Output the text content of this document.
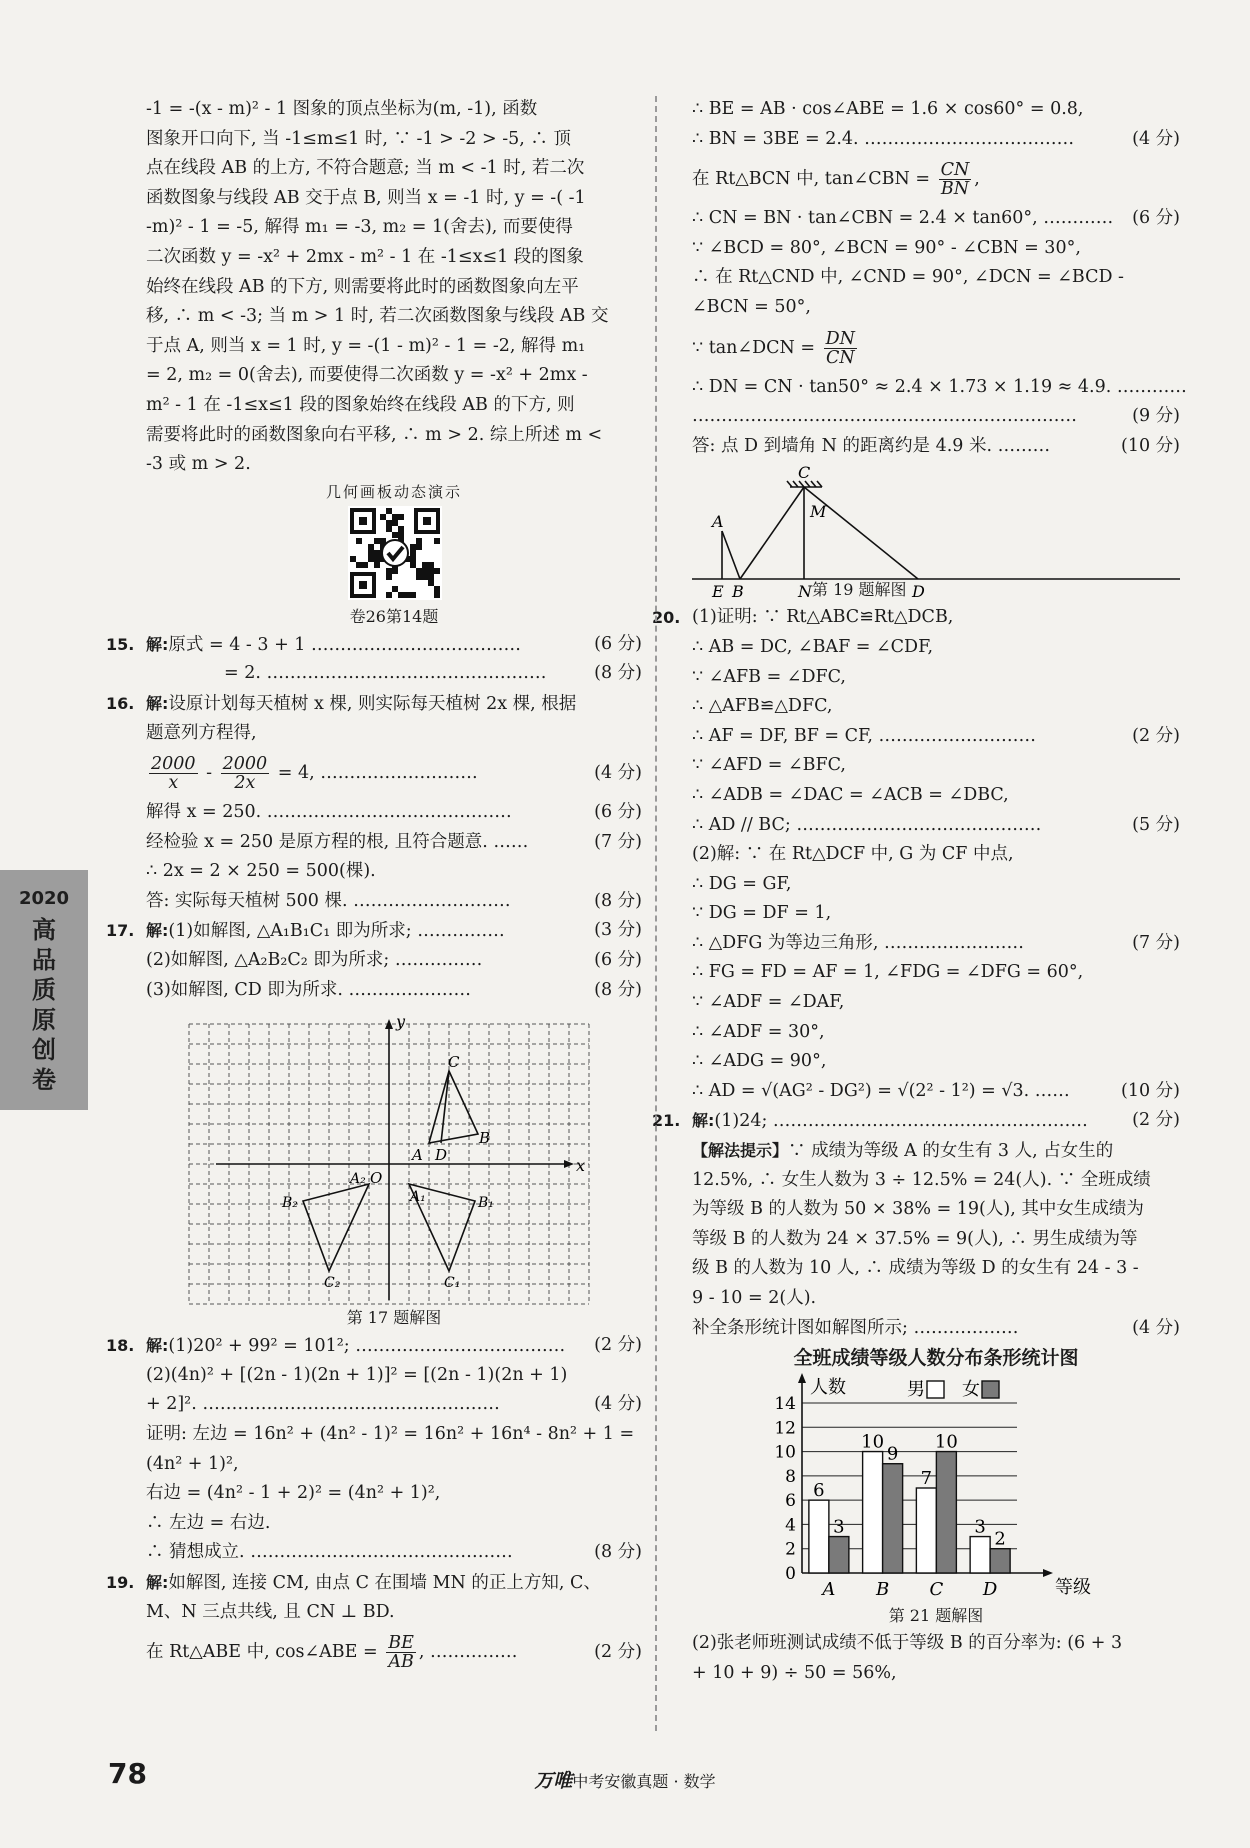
-1 = -(x - m)² - 1 图象的顶点坐标为(m, -1), 函数
图象开口向下, 当 -1≤m≤1 时, ∵ -1 > -2 > -5, ∴ 顶
点在线段 AB 的上方, 不符合题意; 当 m < -1 时, 若二次
函数图象与线段 AB 交于点 B, 则当 x = -1 时, y = -( -1
-m)² - 1 = -5, 解得 m₁ = -3, m₂ = 1(舍去), 而要使得
二次函数 y = -x² + 2mx - m² - 1 在 -1≤x≤1 段的图象
始终在线段 AB 的下方, 则需要将此时的函数图象向左平
移, ∴ m < -3; 当 m > 1 时, 若二次函数图象与线段 AB 交
于点 A, 则当 x = 1 时, y = -(1 - m)² - 1 = -2, 解得 m₁
= 2, m₂ = 0(舍去), 而要使得二次函数 y = -x² + 2mx -
m² - 1 在 -1≤x≤1 段的图象始终在线段 AB 的下方, 则
需要将此时的函数图象向右平移, ∴ m > 2. 综上所述 m <
-3 或 m > 2.
几何画板动态演示
卷26第14题
15. 解:原式 = 4 - 3 + 1 ………………………………	(6 分)
= 2. …………………………………………	(8 分)
16. 解:设原计划每天植树 x 棵, 则实际每天植树 2x 棵, 根据
题意列方程得,
$\frac{2000}{x} - \frac{2000}{2x} = 4$, ………………………	(4 分)
解得 x = 250. ……………………………………	(6 分)
经检验 x = 250 是原方程的根, 且符合题意. ……	(7 分)
∴ 2x = 2 × 250 = 500(棵).
答: 实际每天植树 500 棵. ………………………	(8 分)
17. 解:(1)如解图, △A₁B₁C₁ 即为所求; ……………	(3 分)
(2)如解图, △A₂B₂C₂ 即为所求; ……………	(6 分)
(3)如解图, CD 即为所求. …………………	(8 分)
x
y
O
C
A D
B
A₂
B₂
C₂
A₁	B₁
C₁
第 17 题解图
18. 解:(1)20² + 99² = 101²; ……………………………… (2 分)
(2)(4n)² + [(2n - 1)(2n + 1)]² = [(2n - 1)(2n + 1)
+ 2]². ……………………………………………	(4 分)
证明: 左边 = 16n² + (4n² - 1)² = 16n² + 16n⁴ - 8n² + 1 =
(4n² + 1)²,
右边 = (4n² - 1 + 2)² = (4n² + 1)²,
∴ 左边 = 右边.
∴ 猜想成立. ………………………………………	(8 分)
19. 解:如解图, 连接 CM, 由点 C 在围墙 MN 的正上方知, C、
M、N 三点共线, 且 CN ⊥ BD.
在 Rt△ABE 中, cos∠ABE = $\frac{BE}{AB}$ , ……………	(2 分)
∴ BE = AB · cos∠ABE = 1.6 × cos60° = 0.8,
∴ BN = 3BE = 2.4. ………………………………	(4 分)
在 Rt△BCN 中, tan∠CBN = $\frac{CN}{BN}$ ,
∴ CN = BN · tan∠CBN = 2.4 × tan60°, ………… (6 分)
∵ ∠BCD = 80°, ∠BCN = 90° - ∠CBN = 30°,
∴ 在 Rt△CND 中, ∠CND = 90°, ∠DCN = ∠BCD -
∠BCN = 50°,
∵ tan∠DCN = $\frac{DN}{CN}$
∴ DN = CN · tan50° ≈ 2.4 × 1.73 × 1.19 ≈ 4.9. …………
…………………………………………………………	(9 分)
答: 点 D 到墙角 N 的距离约是 4.9 米. ………	(10 分)
C
M
A
E B	N	D
第 19 题解图
20. (1)证明: ∵ Rt△ABC≌Rt△DCB,
∴ AB = DC, ∠BAF = ∠CDF,
∵ ∠AFB = ∠DFC,
∴ △AFB≌△DFC,
∴ AF = DF, BF = CF, ………………………	(2 分)
∵ ∠AFD = ∠BFC,
∴ ∠ADB = ∠DAC = ∠ACB = ∠DBC,
∴ AD // BC; ……………………………………	(5 分)
(2)解: ∵ 在 Rt△DCF 中, G 为 CF 中点,
∴ DG = GF,
∵ DG = DF = 1,
∴ △DFG 为等边三角形, ……………………	(7 分)
∴ FG = FD = AF = 1, ∠FDG = ∠DFG = 60°,
∵ ∠ADF = ∠DAF,
∴ ∠ADF = 30°,
∴ ∠ADG = 90°,
∴ AD = √(AG² - DG²) = √(2² - 1²) = √3. ……	(10 分)
21. 解:(1)24; ………………………………………………	(2 分)
【解法提示】∵ 成绩为等级 A 的女生有 3 人, 占女生的
12.5%, ∴ 女生人数为 3 ÷ 12.5% = 24(人). ∵ 全班成绩
为等级 B 的人数为 50 × 38% = 19(人), 其中女生成绩为
等级 B 的人数为 24 × 37.5% = 9(人), ∴ 男生成绩为等
级 B 的人数为 10 人, ∴ 成绩为等级 D 的女生有 24 - 3 -
9 - 10 = 2(人).
补全条形统计图如解图所示; ………………	(4 分)
全班成绩等级人数分布条形统计图
0
2
4
6
8
10
12
14
人数
等级
男 女
A
6
3
B
10
9
C
7
10
D
3
2
第 21 题解图
(2)张老师班测试成绩不低于等级 B 的百分率为: (6 + 3
+ 10 + 9) ÷ 50 = 56%,
2020
高品质原创卷
78	万唯中考安徽真题 · 数学
